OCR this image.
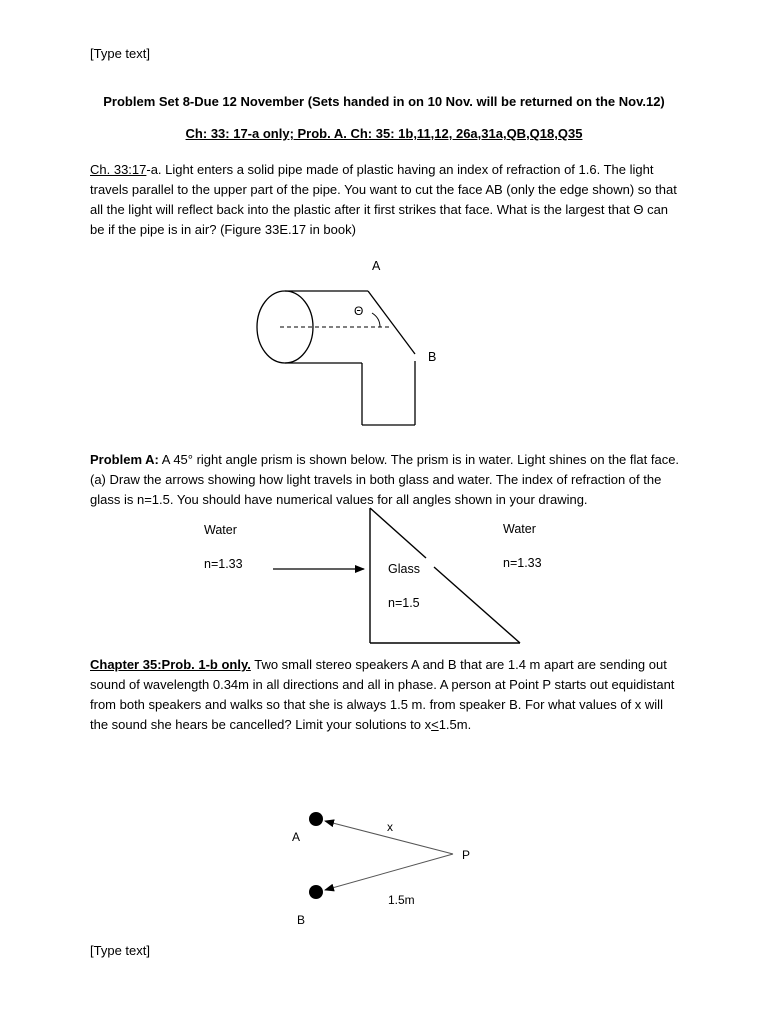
[Type text]
Problem Set 8-Due 12 November (Sets handed in on 10 Nov. will be returned on the Nov.12)
Ch: 33: 17-a only; Prob. A. Ch: 35: 1b,11,12, 26a,31a,QB,Q18,Q35
Ch. 33:17-a. Light enters a solid pipe made of plastic having an index of refraction of 1.6. The light travels parallel to the upper part of the pipe. You want to cut the face AB (only the edge shown) so that all the light will reflect back into the plastic after it first strikes that face. What is the largest that Θ can be if the pipe is in air? (Figure 33E.17 in book)
Problem A: A 45° right angle prism is shown below. The prism is in water. Light shines on the flat face. (a) Draw the arrows showing how light travels in both glass and water. The index of refraction of the glass is n=1.5. You should have numerical values for all angles shown in your drawing.
Chapter 35:Prob. 1-b only. Two small stereo speakers A and B that are 1.4 m apart are sending out sound of wavelength 0.34m in all directions and all in phase. A person at Point P starts out equidistant from both speakers and walks so that she is always 1.5 m. from speaker B. For what values of x will the sound she hears be cancelled? Limit your solutions to x≤1.5m.
A
B
Θ
Water
n=1.33
Water
n=1.33
Glass
n=1.5
A
B
P
x
1.5m
[Type text]
